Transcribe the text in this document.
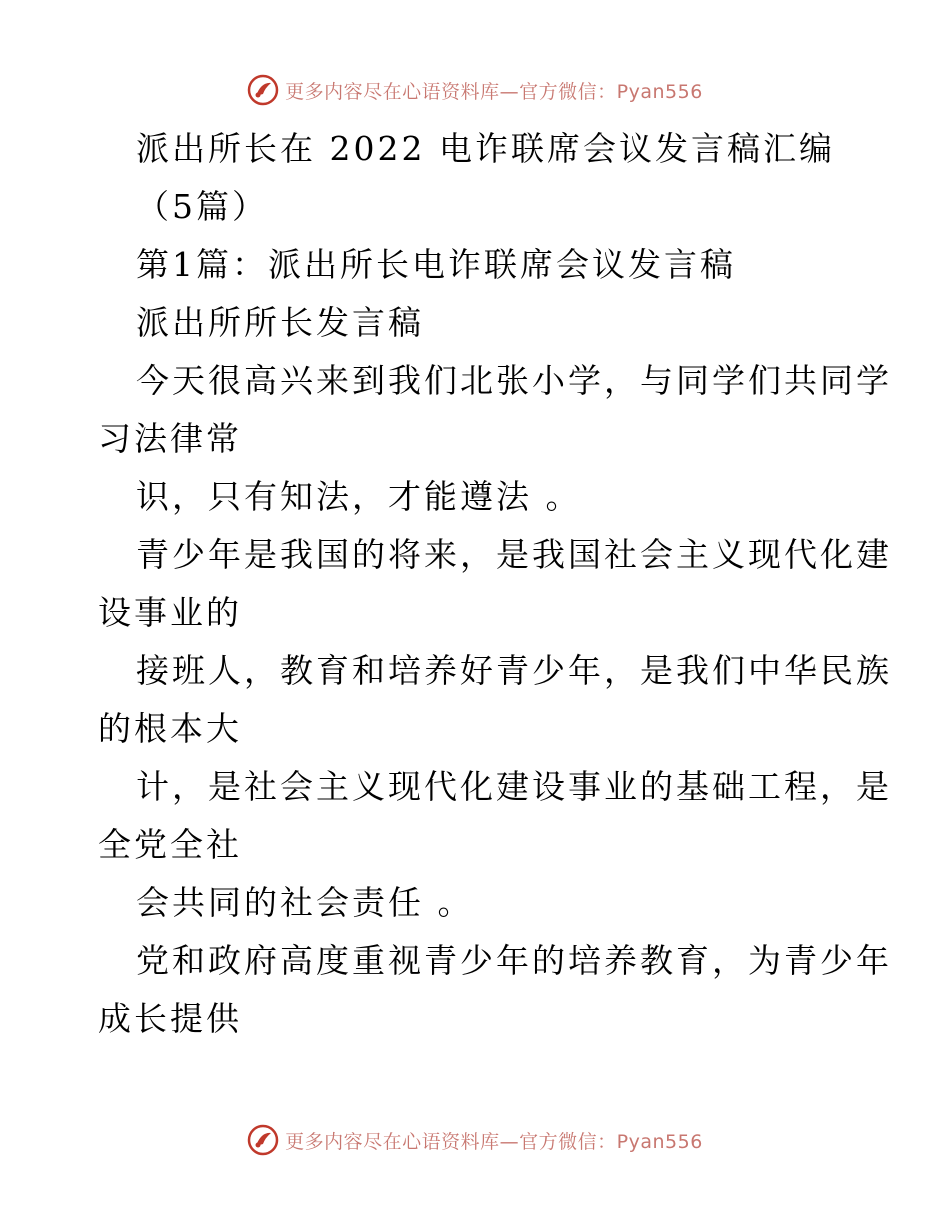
更多内容尽在心语资料库—官方微信：Pyan556
派出所长在 2022 电诈联席会议发言稿汇编
（5篇）
第1篇：派出所长电诈联席会议发言稿
派出所所长发言稿
今天很高兴来到我们北张小学，与同学们共同学
习法律常
识，只有知法，才能遵法 。
青少年是我国的将来，是我国社会主义现代化建
设事业的
接班人，教育和培养好青少年，是我们中华民族
的根本大
计，是社会主义现代化建设事业的基础工程，是
全党全社
会共同的社会责任 。
党和政府高度重视青少年的培养教育，为青少年
成长提供
更多内容尽在心语资料库—官方微信：Pyan556
